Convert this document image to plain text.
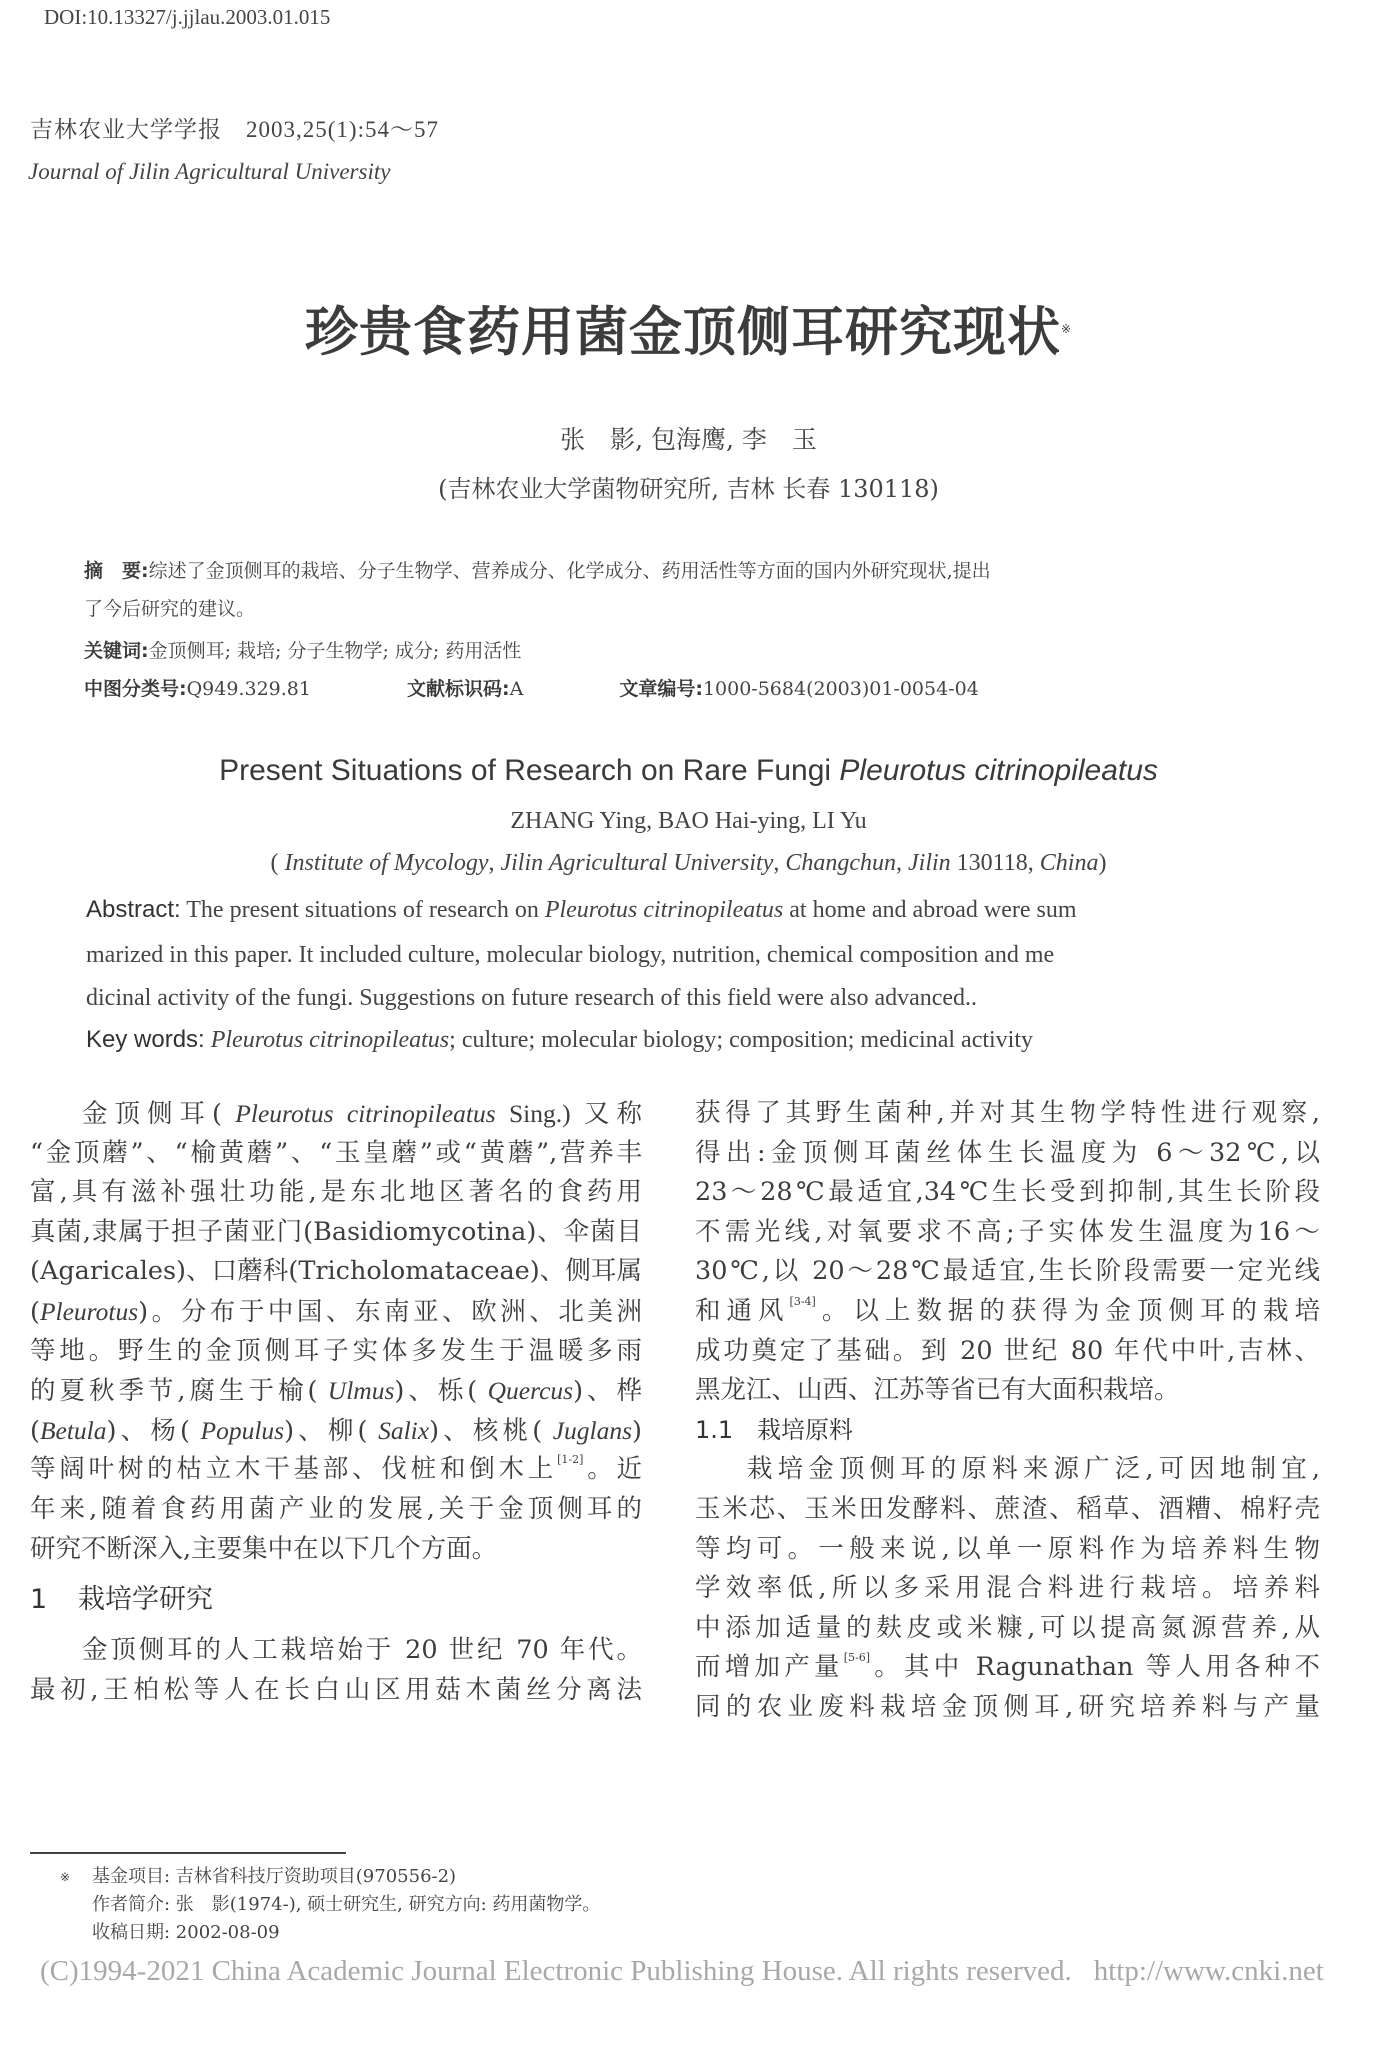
DOI:10.13327/j.jjlau.2003.01.015
吉林农业大学学报　2003,25(1):54～57
Journal of Jilin Agricultural University
珍贵食药用菌金顶侧耳研究现状※
张　影, 包海鹰, 李　玉
(吉林农业大学菌物研究所, 吉林 长春 130118)
摘　要:综述了金顶侧耳的栽培、分子生物学、营养成分、化学成分、药用活性等方面的国内外研究现状,提出
了今后研究的建议。
关键词:金顶侧耳; 栽培; 分子生物学; 成分; 药用活性
中图分类号:Q949.329.81	文献标识码:A	文章编号:1000-5684(2003)01-0054-04
Present Situations of Research on Rare Fungi Pleurotus citrinopileatus
ZHANG Ying, BAO Hai-ying, LI Yu
( Institute of Mycology, Jilin Agricultural University, Changchun, Jilin 130118, China)
Abstract: The present situations of research on Pleurotus citrinopileatus at home and abroad were sum
marized in this paper. It included culture, molecular biology, nutrition, chemical composition and me
dicinal activity of the fungi. Suggestions on future research of this field were also advanced..
Key words: Pleurotus citrinopileatus; culture; molecular biology; composition; medicinal activity
金顶侧耳( Pleurotus citrinopileatus Sing.) 又称
“金顶蘑”、“榆黄蘑”、“玉皇蘑”或“黄蘑”,营养丰
富,具有滋补强壮功能,是东北地区著名的食药用
真菌,隶属于担子菌亚门(Basidiomycotina)、伞菌目
(Agaricales)、口蘑科(Tricholomataceae)、侧耳属
(Pleurotus)。分布于中国、东南亚、欧洲、北美洲
等地。野生的金顶侧耳子实体多发生于温暖多雨
的夏秋季节,腐生于榆( Ulmus)、栎( Quercus)、桦
(Betula)、杨( Populus)、柳( Salix)、核桃( Juglans)
等阔叶树的枯立木干基部、伐桩和倒木上[1-2]。近
年来,随着食药用菌产业的发展,关于金顶侧耳的
研究不断深入,主要集中在以下几个方面。
1 栽培学研究
金顶侧耳的人工栽培始于 20 世纪 70 年代。
最初,王柏松等人在长白山区用菇木菌丝分离法
获得了其野生菌种,并对其生物学特性进行观察,
得出:金顶侧耳菌丝体生长温度为 6～32℃,以
23～28℃最适宜,34℃生长受到抑制,其生长阶段
不需光线,对氧要求不高;子实体发生温度为16～
30℃,以 20～28℃最适宜,生长阶段需要一定光线
和通风[3-4]。以上数据的获得为金顶侧耳的栽培
成功奠定了基础。到 20 世纪 80 年代中叶,吉林、
黑龙江、山西、江苏等省已有大面积栽培。
1.1 栽培原料
栽培金顶侧耳的原料来源广泛,可因地制宜,
玉米芯、玉米田发酵料、蔗渣、稻草、酒糟、棉籽壳
等均可。一般来说,以单一原料作为培养料生物
学效率低,所以多采用混合料进行栽培。培养料
中添加适量的麸皮或米糠,可以提高氮源营养,从
而增加产量[5-6]。其中 Ragunathan 等人用各种不
同的农业废料栽培金顶侧耳,研究培养料与产量
※ 基金项目: 吉林省科技厅资助项目(970556-2)
作者简介: 张　影(1974-), 硕士研究生, 研究方向: 药用菌物学。
收稿日期: 2002-08-09
(C)1994-2021 China Academic Journal Electronic Publishing House. All rights reserved. http://www.cnki.net
